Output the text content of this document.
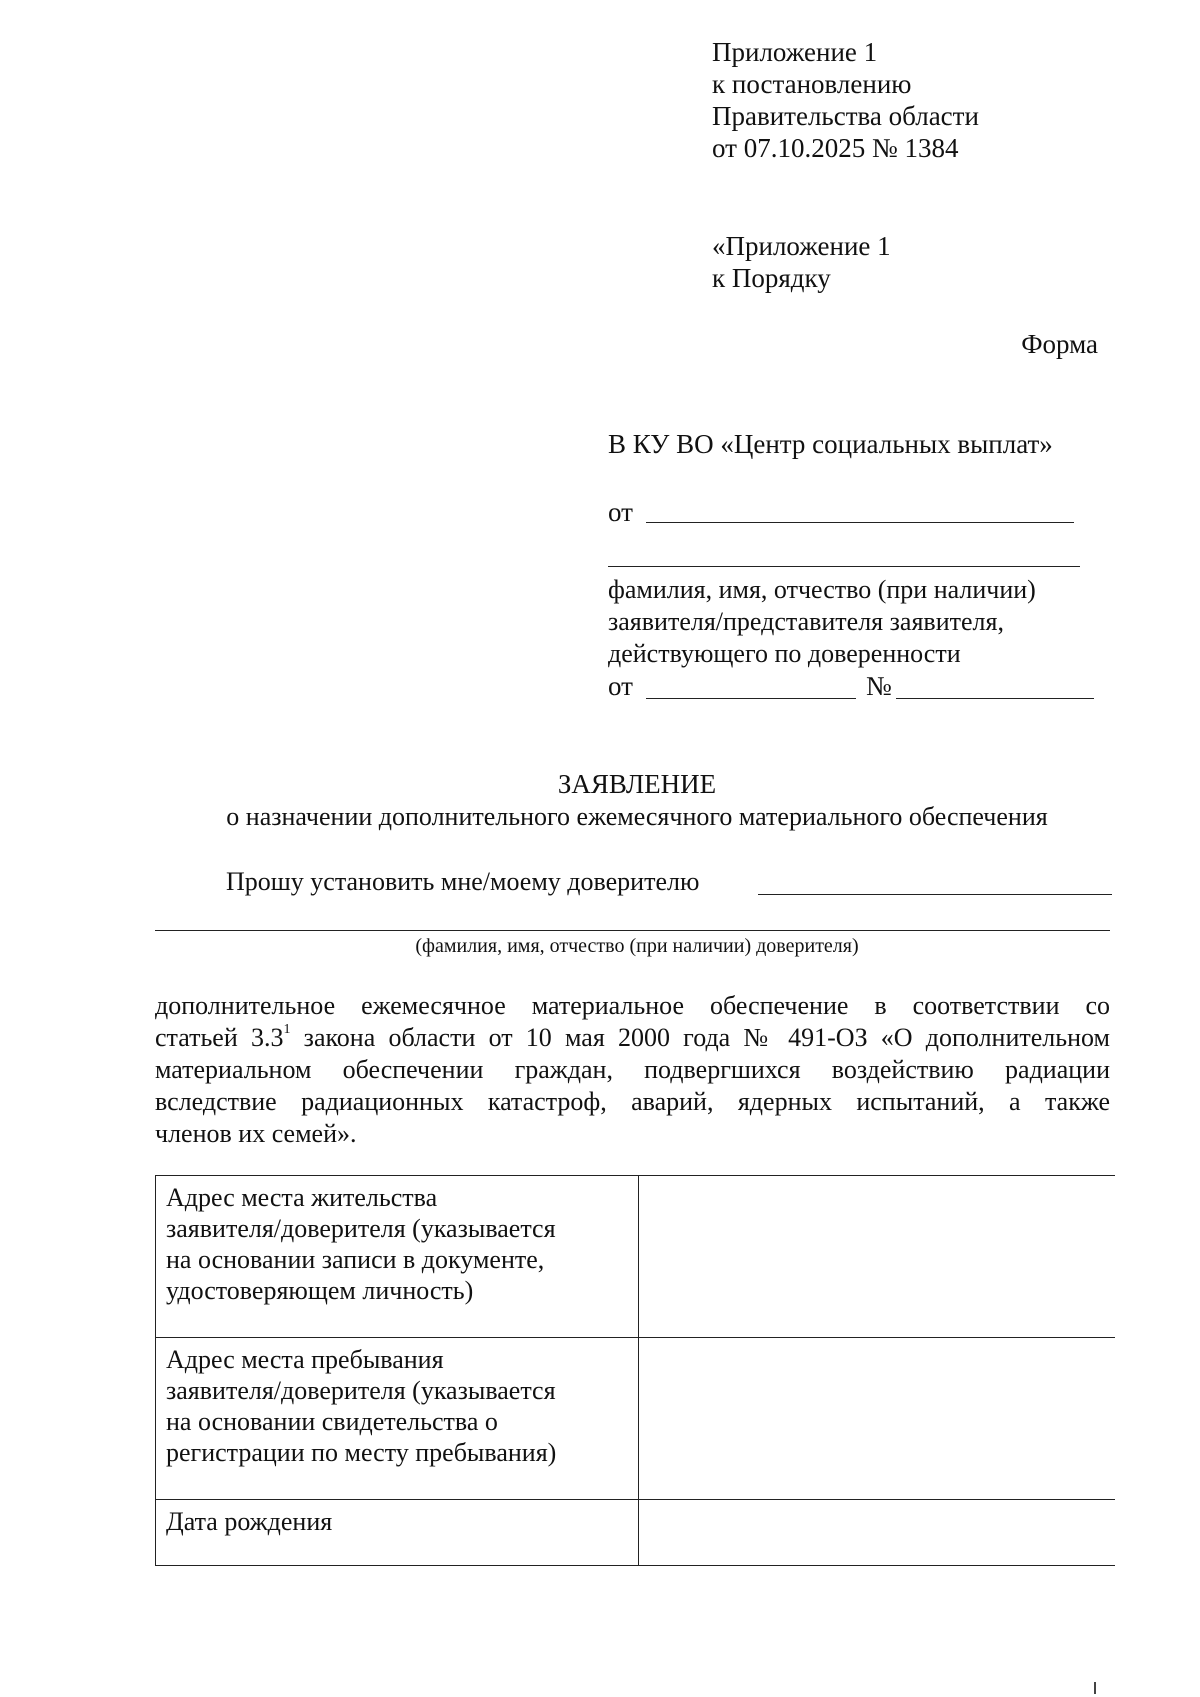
Приложение 1
к постановлению
Правительства области
от 07.10.2025 № 1384
«Приложение 1
к Порядку
Форма
В КУ ВО «Центр социальных выплат»
от
фамилия, имя, отчество (при наличии)
заявителя/представителя заявителя,
действующего по доверенности
от	№
ЗАЯВЛЕНИЕ
о назначении дополнительного ежемесячного материального обеспечения
Прошу установить мне/моему доверителю
(фамилия, имя, отчество (при наличии) доверителя)
дополнительное ежемесячное материальное обеспечение в соответствии со
статьей $3.3^1$ закона области от 10 мая 2000 года № 491-ОЗ «О дополнительном
материальном обеспечении граждан, подвергшихся воздействию радиации
вследствие радиационных катастроф, аварий, ядерных испытаний, а также
членов их семей».
Адрес места жительства
заявителя/доверителя (указывается
на основании записи в документе,
удостоверяющем личность)	

Адрес места пребывания
заявителя/доверителя (указывается
на основании свидетельства о
регистрации по месту пребывания)	

Дата рождения	
